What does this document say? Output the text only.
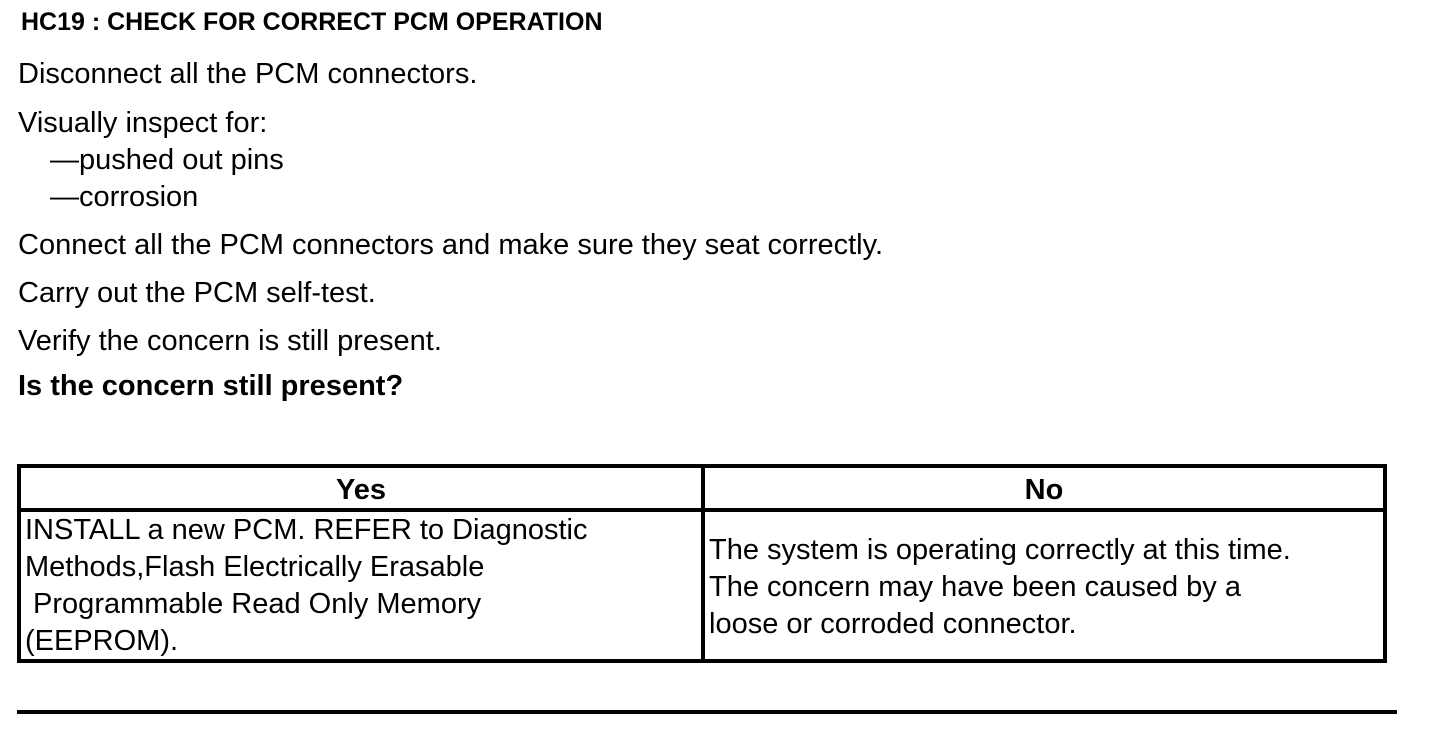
HC19 : CHECK FOR CORRECT PCM OPERATION
Disconnect all the PCM connectors.
Visually inspect for:
—pushed out pins
—corrosion
Connect all the PCM connectors and make sure they seat correctly.
Carry out the PCM self-test.
Verify the concern is still present.
Is the concern still present?
Yes	No
INSTALL a new PCM. REFER to Diagnostic
Methods,Flash Electrically Erasable
Programmable Read Only Memory
(EEPROM).
The system is operating correctly at this time.
The concern may have been caused by a
loose or corroded connector.
